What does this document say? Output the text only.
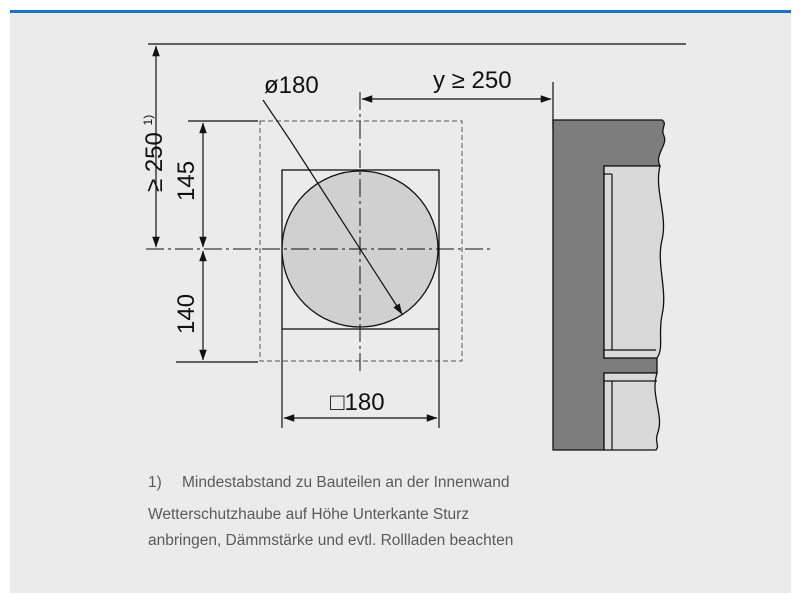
ø180	y ≥ 250
≥ 250 $^{1)}$
145
140
□180
1)	Mindestabstand zu Bauteilen an der Innenwand
Wetterschutzhaube auf Höhe Unterkante Sturz
anbringen, Dämmstärke und evtl. Rollladen beachten
